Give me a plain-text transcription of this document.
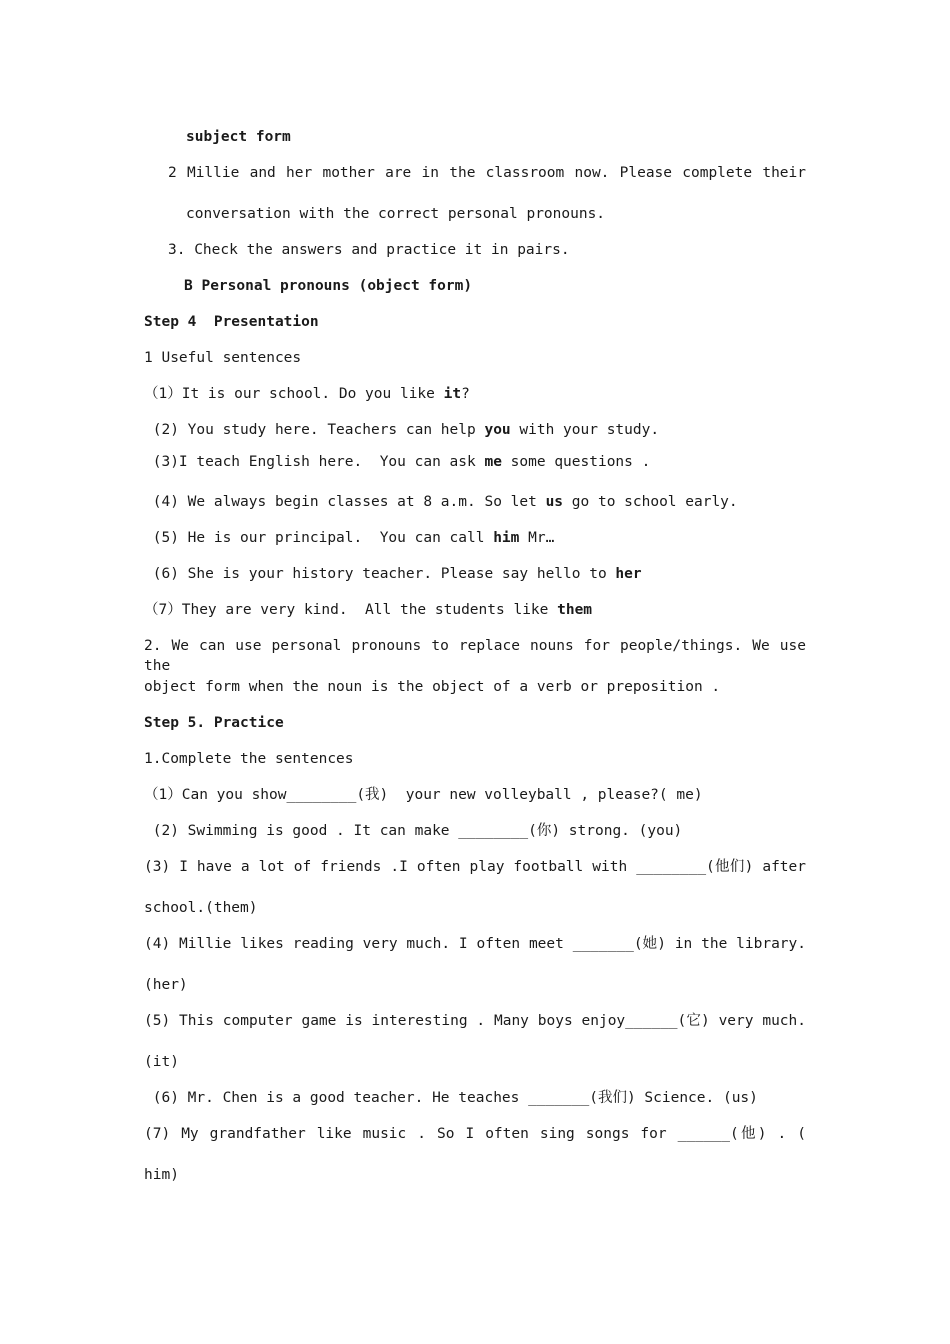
subject form
2 Millie and her mother are in the classroom now. Please complete their
conversation with the correct personal pronouns.
3. Check the answers and practice it in pairs.
B Personal pronouns (object form)
Step 4  Presentation
1 Useful sentences
（1）It is our school. Do you like it?
(2) You study here. Teachers can help you with your study.
(3)I teach English here.  You can ask me some questions .
(4) We always begin classes at 8 a.m. So let us go to school early.
(5) He is our principal.  You can call him Mr…
(6) She is your history teacher. Please say hello to her
（7）They are very kind.  All the students like them
2. We can use personal pronouns to replace nouns for people/things. We use the
object form when the noun is the object of a verb or preposition .
Step 5. Practice
1.Complete the sentences
（1）Can you show________(我)  your new volleyball , please?( me)
(2) Swimming is good . It can make ________(你) strong. (you)
(3) I have a lot of friends .I often play football with ________(他们) after
school.(them)
(4) Millie likes reading very much. I often meet _______(她) in the library.
(her)
(5) This computer game is interesting . Many boys enjoy______(它) very much.
(it)
(6) Mr. Chen is a good teacher. He teaches _______(我们) Science. (us)
(7) My grandfather like music . So I often sing songs for ______(他) . (
him)
